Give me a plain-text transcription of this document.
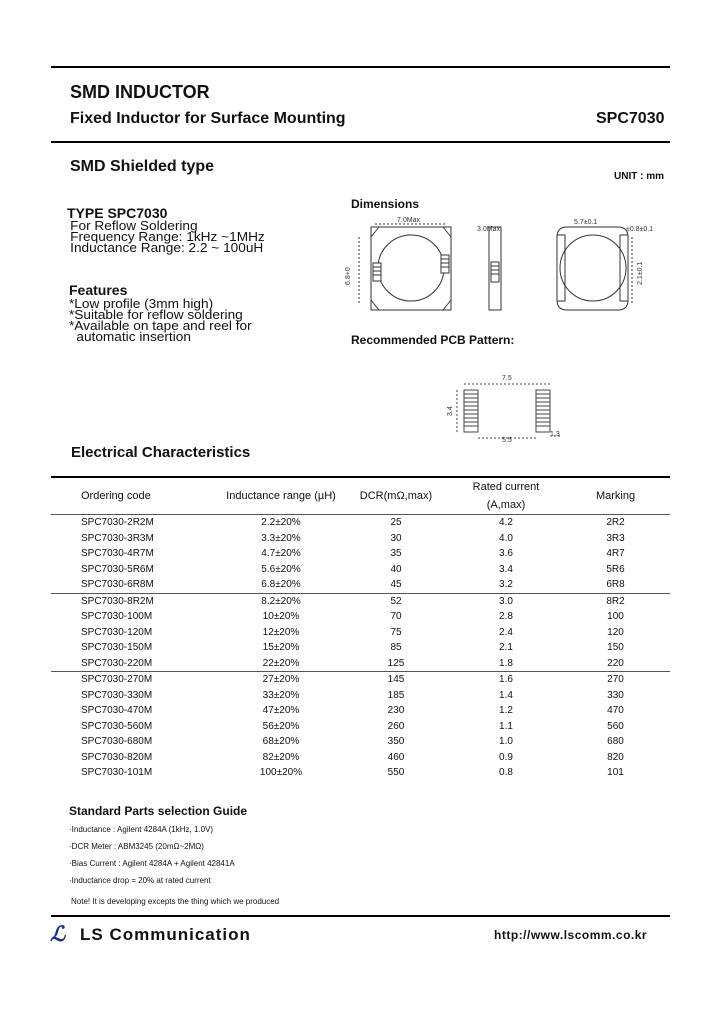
SMD INDUCTOR
Fixed Inductor for Surface Mounting	SPC7030
SMD Shielded type
UNIT : mm
TYPE SPC7030
For Reflow Soldering
Frequency Range: 1kHz ~1MHz
Inductance Range: 2.2 ~ 100uH
Features
*Low profile (3mm high)
*Suitable for reflow soldering
*Available on tape and reel for
automatic insertion
Dimensions
7.0Max
6.8+0
3.0Max
5.7±0.1
±0.8±0.1
2.1±0.1
Recommended PCB Pattern:
7.5
3.4
5.5
1.3
Electrical Characteristics
Ordering code	Inductance range (µH)	DCR(mΩ,max)	Rated current
(A,max)	Marking
SPC7030-2R2M	2.2±20%	25	4.2	2R2
SPC7030-3R3M	3.3±20%	30	4.0	3R3
SPC7030-4R7M	4.7±20%	35	3.6	4R7
SPC7030-5R6M	5.6±20%	40	3.4	5R6
SPC7030-6R8M	6.8±20%	45	3.2	6R8
SPC7030-8R2M	8.2±20%	52	3.0	8R2
SPC7030-100M	10±20%	70	2.8	100
SPC7030-120M	12±20%	75	2.4	120
SPC7030-150M	15±20%	85	2.1	150
SPC7030-220M	22±20%	125	1.8	220
SPC7030-270M	27±20%	145	1.6	270
SPC7030-330M	33±20%	185	1.4	330
SPC7030-470M	47±20%	230	1.2	470
SPC7030-560M	56±20%	260	1.1	560
SPC7030-680M	68±20%	350	1.0	680
SPC7030-820M	82±20%	460	0.9	820
SPC7030-101M	100±20%	550	0.8	101
Standard Parts selection Guide
·Inductance : Agilent 4284A (1kHz, 1.0V)
·DCR Meter : ABM3245 (20mΩ~2MΩ)
·Bias Current : Agilent 4284A + Agilent 42841A
·Inductance drop = 20% at rated current
Note! It is developing excepts the thing which we produced
ℒ LS Communication	http://www.lscomm.co.kr
